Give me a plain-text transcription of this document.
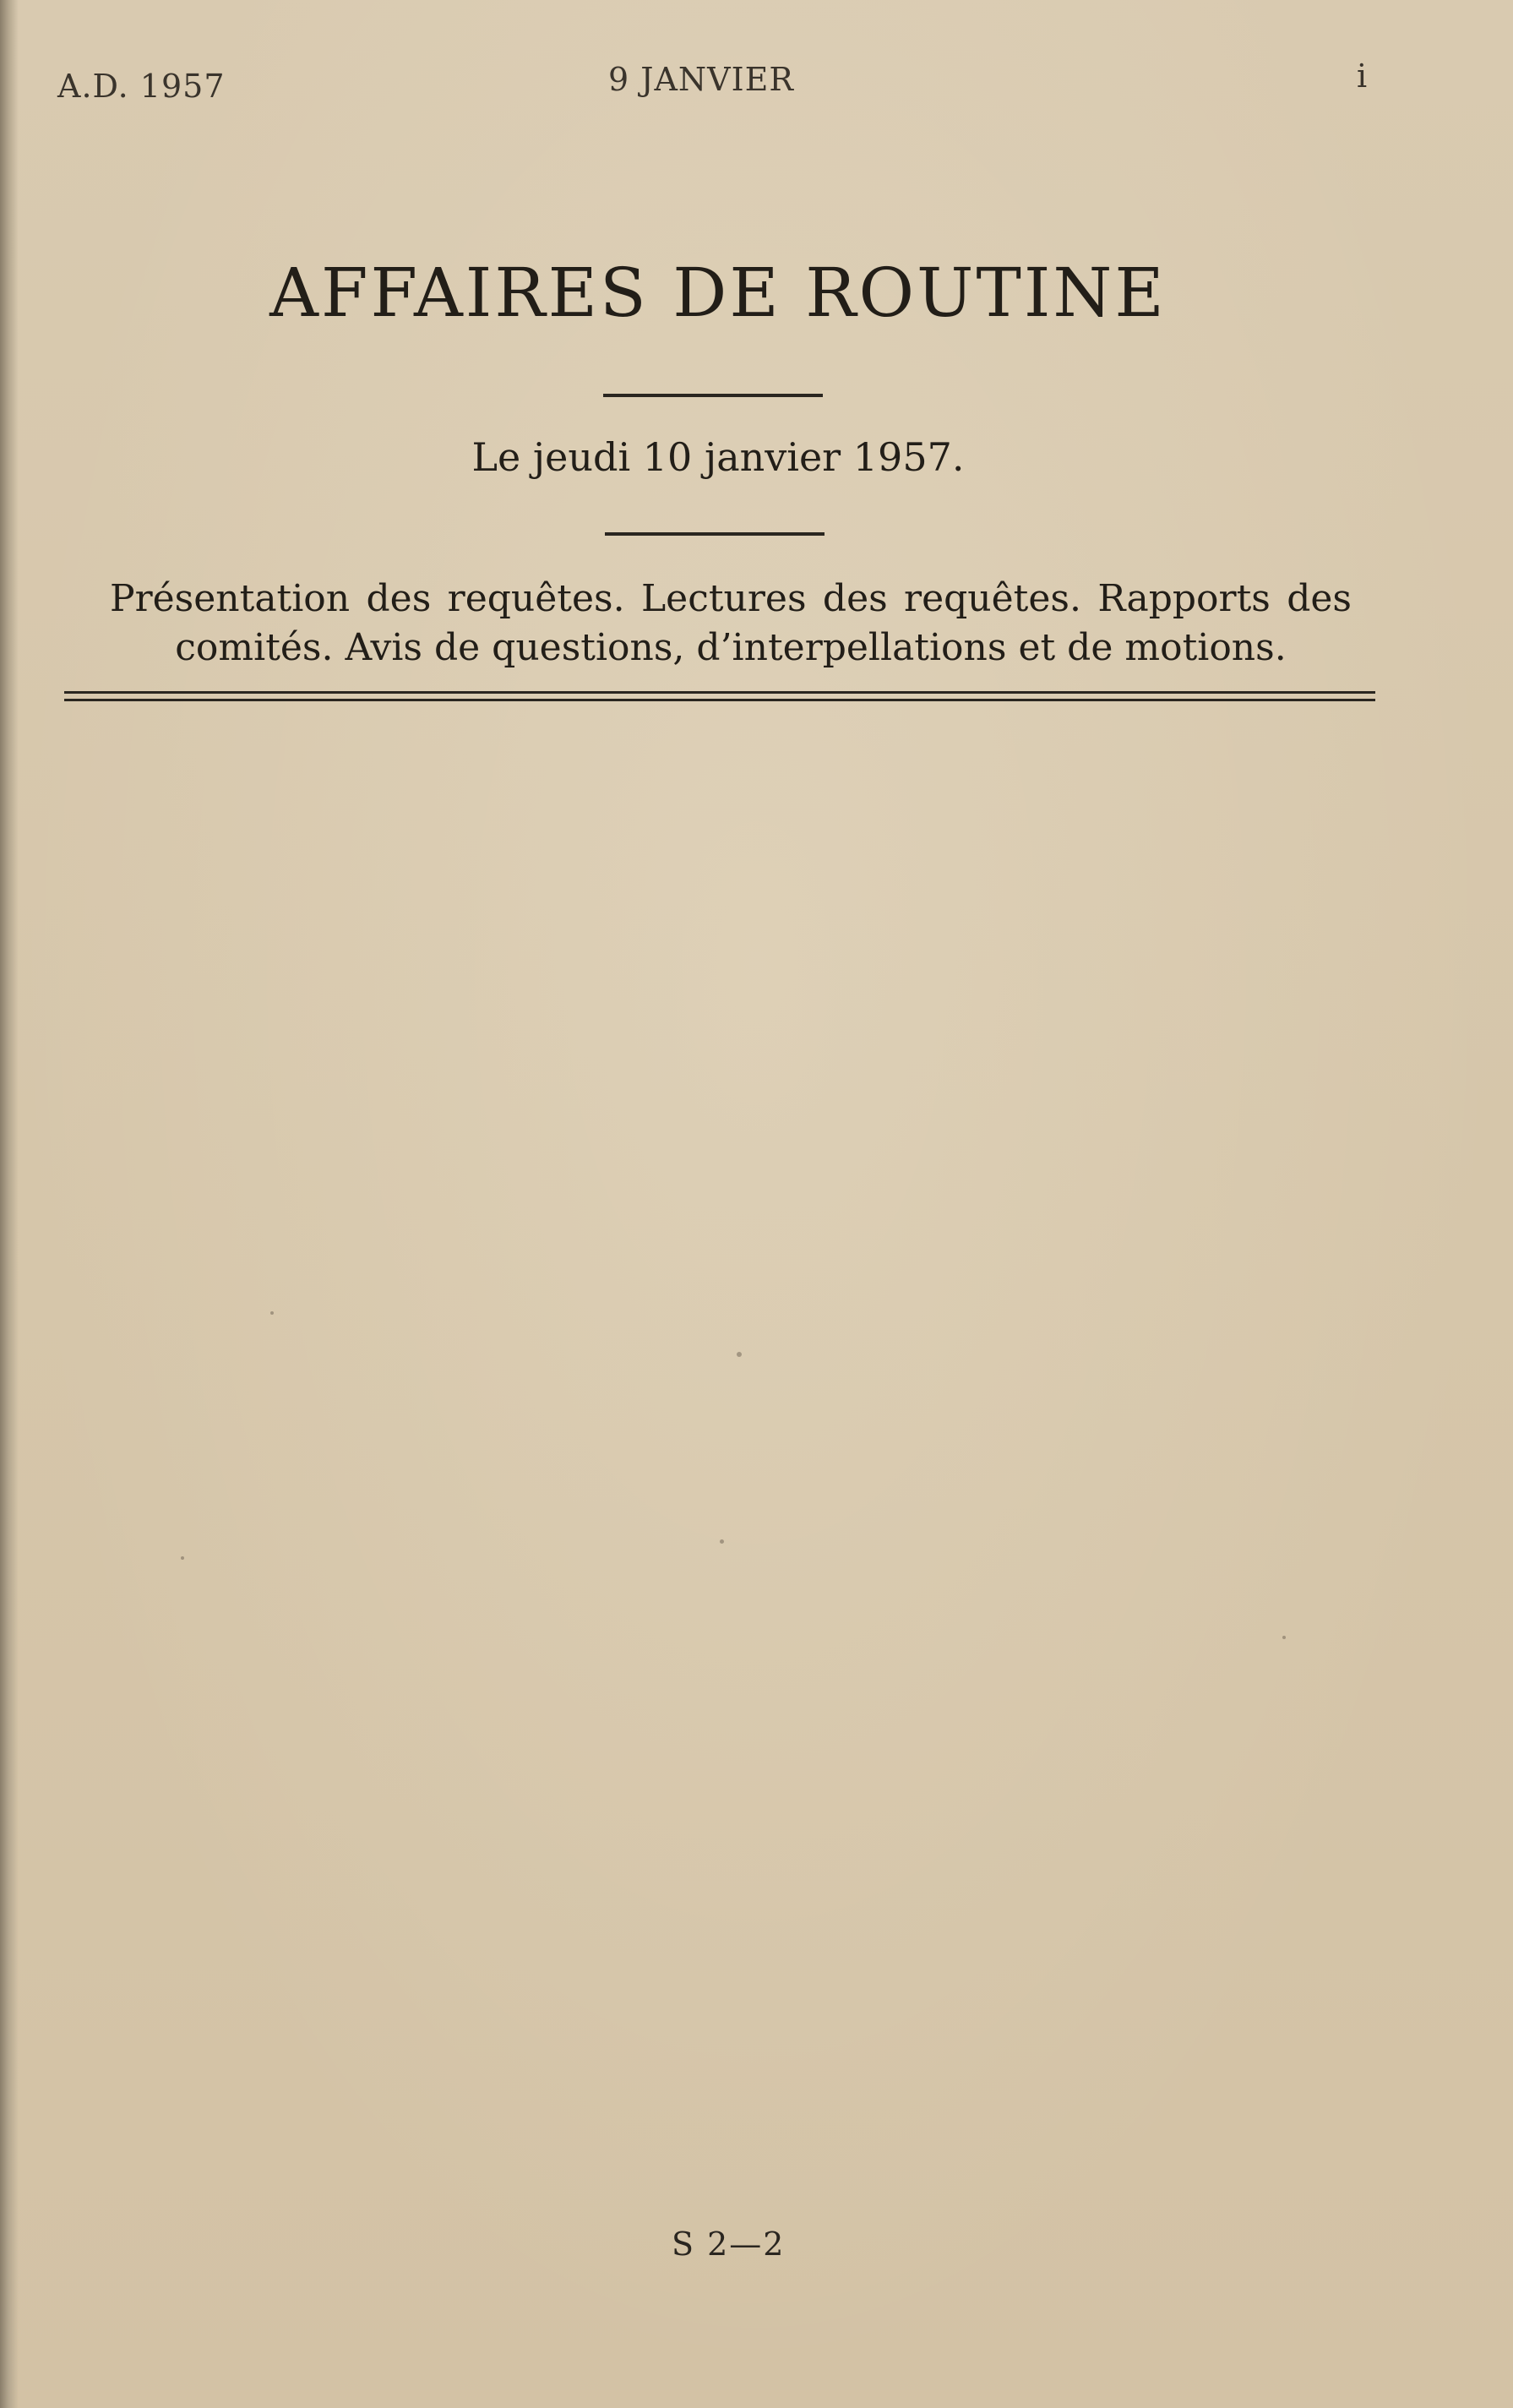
A.D. 1957	9 JANVIER	i
AFFAIRES DE ROUTINE
Le jeudi 10 janvier 1957.
Présentation des requêtes. Lectures des requêtes. Rapports des comités. Avis de questions, d’interpellations et de motions.
S 2—2
